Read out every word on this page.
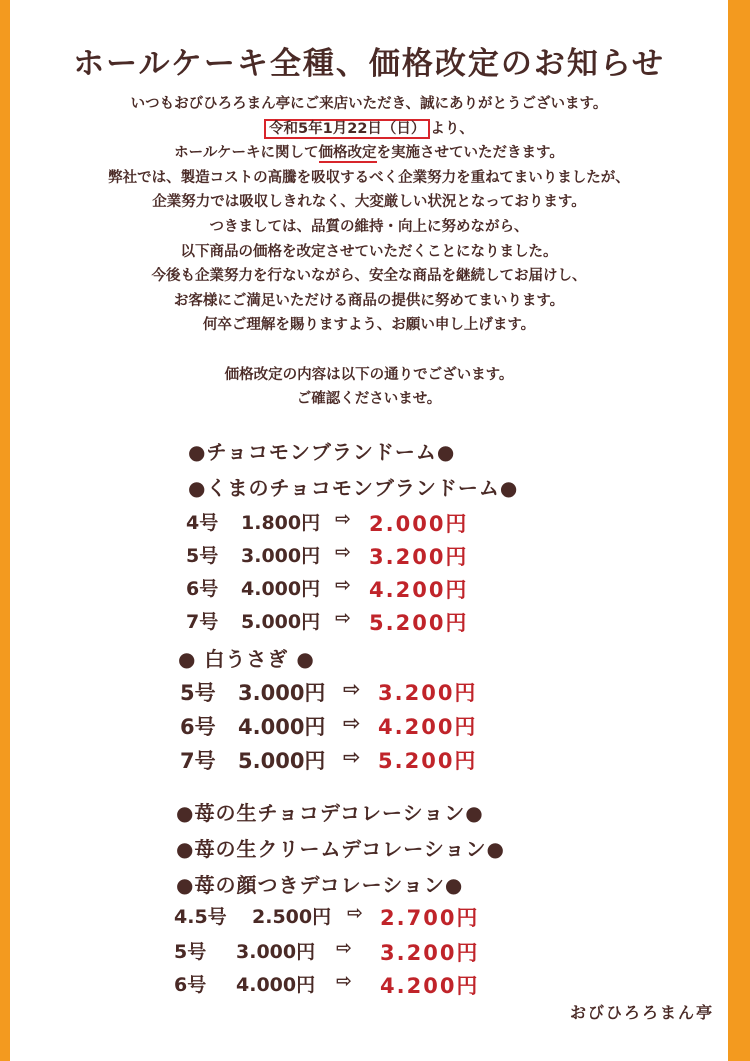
ホールケーキ全種、価格改定のお知らせ
いつもおびひろろまん亭にご来店いただき、誠にありがとうございます。
令和5年1月22日（日） より、
ホールケーキに関して価格改定を実施させていただきます。
弊社では、製造コストの高騰を吸収するべく企業努力を重ねてまいりましたが、
企業努力では吸収しきれなく、大変厳しい状況となっております。
つきましては、品質の維持・向上に努めながら、
以下商品の価格を改定させていただくことになりました。
今後も企業努力を行ないながら、安全な商品を継続してお届けし、
お客様にご満足いただける商品の提供に努めてまいります。
何卒ご理解を賜りますよう、お願い申し上げます。
価格改定の内容は以下の通りでございます。
ご確認くださいませ。
●チョコモンブランドーム●
●くまのチョコモンブランドーム●
4号 1.800円 ⇨ 2.000円
5号 3.000円 ⇨ 3.200円
6号 4.000円 ⇨ 4.200円
7号 5.000円 ⇨ 5.200円
● 白うさぎ ●
5号 3.000円 ⇨ 3.200円
6号 4.000円 ⇨ 4.200円
7号 5.000円 ⇨ 5.200円
●苺の生チョコデコレーション●
●苺の生クリームデコレーション●
●苺の顔つきデコレーション●
4.5号 2.500円 ⇨ 2.700円
5号 3.000円 ⇨ 3.200円
6号 4.000円 ⇨ 4.200円
おびひろろまん亭
